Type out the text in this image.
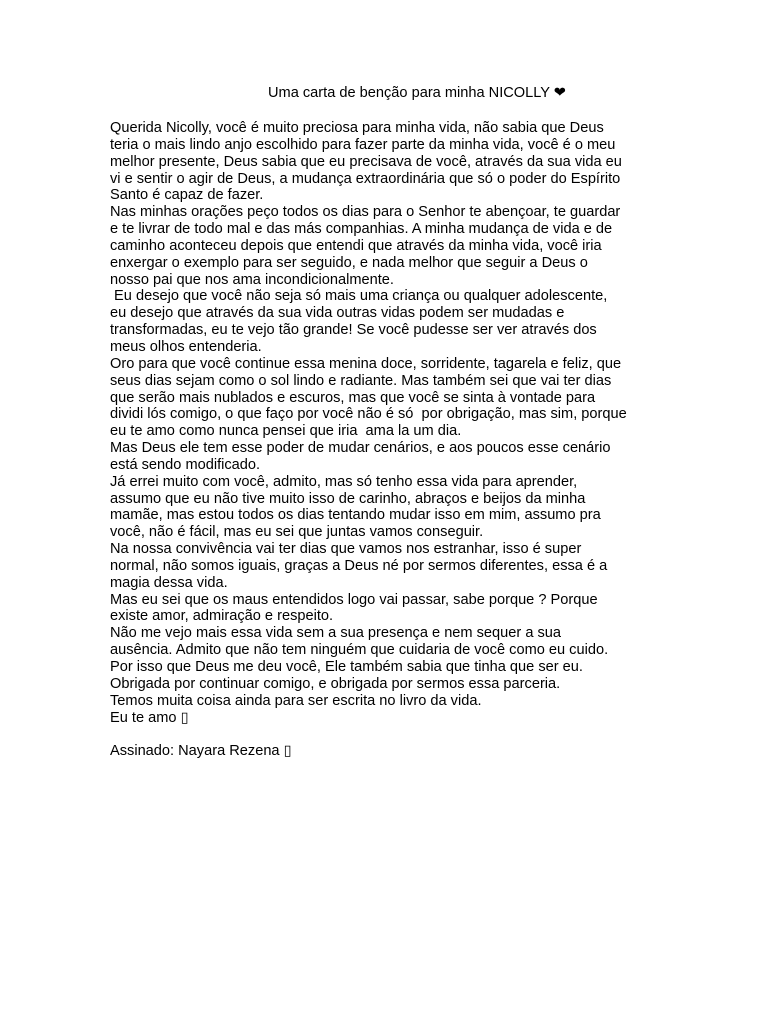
Uma carta de benção para minha NICOLLY ❤
Querida Nicolly, você é muito preciosa para minha vida, não sabia que Deus
teria o mais lindo anjo escolhido para fazer parte da minha vida, você é o meu
melhor presente, Deus sabia que eu precisava de você, através da sua vida eu
vi e sentir o agir de Deus, a mudança extraordinária que só o poder do Espírito
Santo é capaz de fazer.
Nas minhas orações peço todos os dias para o Senhor te abençoar, te guardar
e te livrar de todo mal e das más companhias. A minha mudança de vida e de
caminho aconteceu depois que entendi que através da minha vida, você iria
enxergar o exemplo para ser seguido, e nada melhor que seguir a Deus o
nosso pai que nos ama incondicionalmente.
Eu desejo que você não seja só mais uma criança ou qualquer adolescente,
eu desejo que através da sua vida outras vidas podem ser mudadas e
transformadas, eu te vejo tão grande! Se você pudesse ser ver através dos
meus olhos entenderia.
Oro para que você continue essa menina doce, sorridente, tagarela e feliz, que
seus dias sejam como o sol lindo e radiante. Mas também sei que vai ter dias
que serão mais nublados e escuros, mas que você se sinta à vontade para
dividi lós comigo, o que faço por você não é só  por obrigação, mas sim, porque
eu te amo como nunca pensei que iria  ama la um dia.
Mas Deus ele tem esse poder de mudar cenários, e aos poucos esse cenário
está sendo modificado.
Já errei muito com você, admito, mas só tenho essa vida para aprender,
assumo que eu não tive muito isso de carinho, abraços e beijos da minha
mamãe, mas estou todos os dias tentando mudar isso em mim, assumo pra
você, não é fácil, mas eu sei que juntas vamos conseguir.
Na nossa convivência vai ter dias que vamos nos estranhar, isso é super
normal, não somos iguais, graças a Deus né por sermos diferentes, essa é a
magia dessa vida.
Mas eu sei que os maus entendidos logo vai passar, sabe porque ? Porque
existe amor, admiração e respeito.
Não me vejo mais essa vida sem a sua presença e nem sequer a sua
ausência. Admito que não tem ninguém que cuidaria de você como eu cuido.
Por isso que Deus me deu você, Ele também sabia que tinha que ser eu.
Obrigada por continuar comigo, e obrigada por sermos essa parceria.
Temos muita coisa ainda para ser escrita no livro da vida.
Eu te amo ▯
Assinado: Nayara Rezena ▯
